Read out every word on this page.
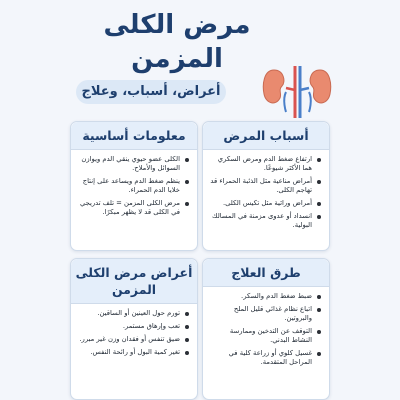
مرض الكلى المزمن
أعراض، أسباب، وعلاج
أسباب المرض
ارتفاع ضغط الدم ومرض السكري هما الأكثر شيوعًا.
أمراض مناعية مثل الذئبة الحمراء قد تهاجم الكلى.
أمراض وراثية مثل تكيس الكلى.
انسداد أو عدوى مزمنة في المسالك البولية.
معلومات أساسية
الكلى عضو حيوي ينقي الدم ويوازن السوائل والأملاح.
ينظم ضغط الدم ويساعد على إنتاج خلايا الدم الحمراء.
مرض الكلى المزمن = تلف تدريجي في الكلى قد لا يظهر مبكرًا.
طرق العلاج
ضبط ضغط الدم والسكر.
اتباع نظام غذائي قليل الملح والبروتين.
التوقف عن التدخين وممارسة النشاط البدني.
غسيل كلوي أو زراعة كلية في المراحل المتقدمة.
أعراض مرض الكلى المزمن
تورم حول العينين أو الساقين.
تعب وإرهاق مستمر.
ضيق تنفس أو فقدان وزن غير مبرر.
تغير كمية البول أو رائحة النفس.
